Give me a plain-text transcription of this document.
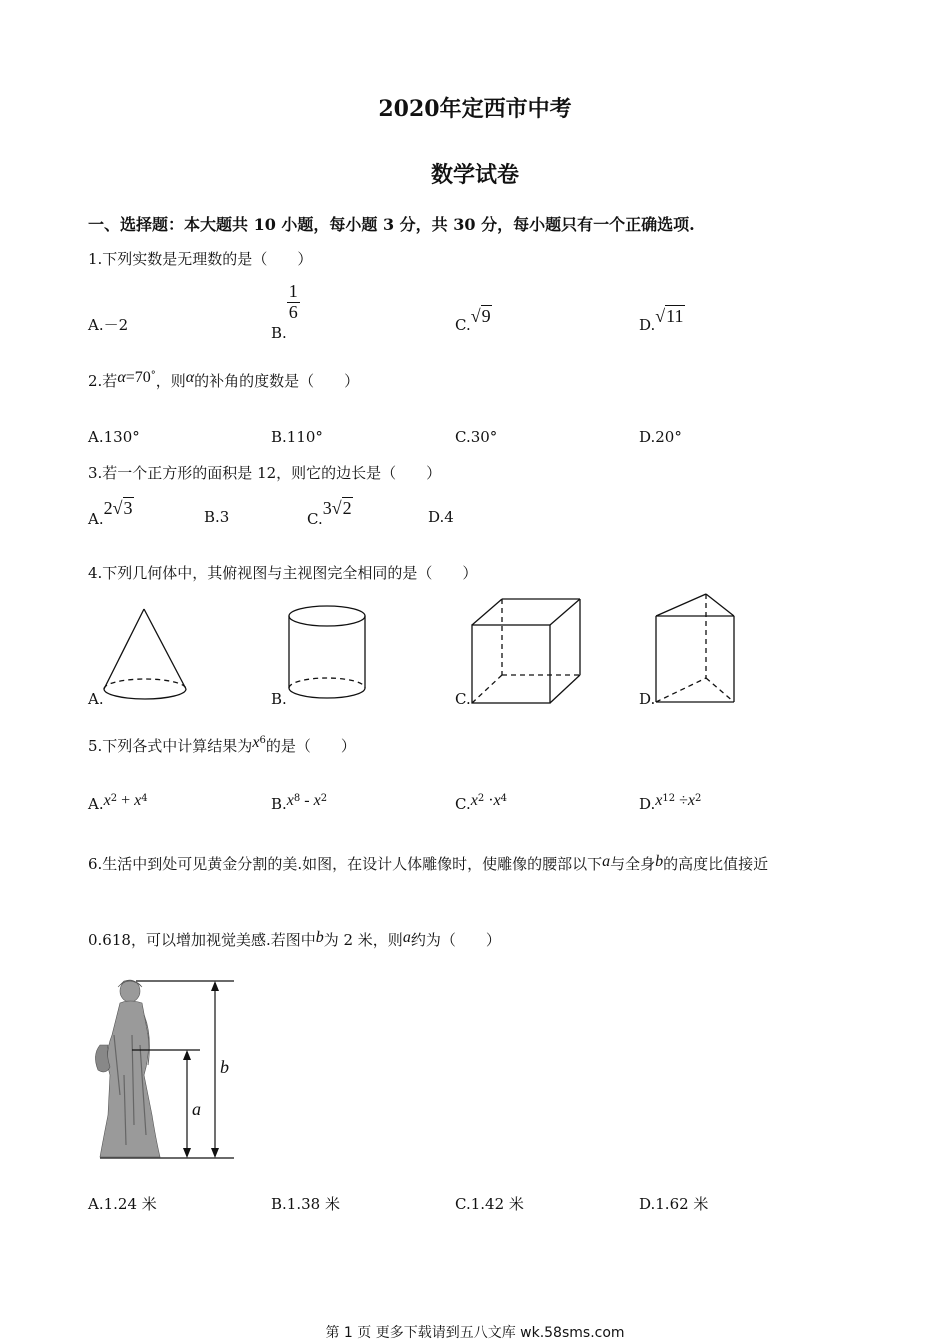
2020年定西市中考
数学试卷
一、选择题：本大题共 10 小题，每小题 3 分，共 30 分，每小题只有一个正确选项.
1.下列实数是无理数的是（　　）
A.－2	B.
$\frac{1}{6}$
C.√9	D.√11
2.若α=70°，则α的补角的度数是（　　）
A.130°	B.110°	C.30°	D.20°
3.若一个正方形的面积是 12，则它的边长是（　　）
A.2√3	B.3	C.3√2	D.4
4.下列几何体中，其俯视图与主视图完全相同的是（　　）
A.	B.	C.	D.
5.下列各式中计算结果为$x^6$的是（　　）
$A.x^2 + x^4$	$B.x^8 - x^2$	$C.x^2 \cdot x^4$	$D.x^{12} \div x^2$
6.生活中到处可见黄金分割的美.如图，在设计人体雕像时，使雕像的腰部以下a与全身b的高度比值接近
0.618，可以增加视觉美感.若图中b为 2 米，则a约为（　　）
b
a
A.1.24 米	B.1.38 米	C.1.42 米	D.1.62 米
第 1 页 更多下载请到五八文库 wk.58sms.com
